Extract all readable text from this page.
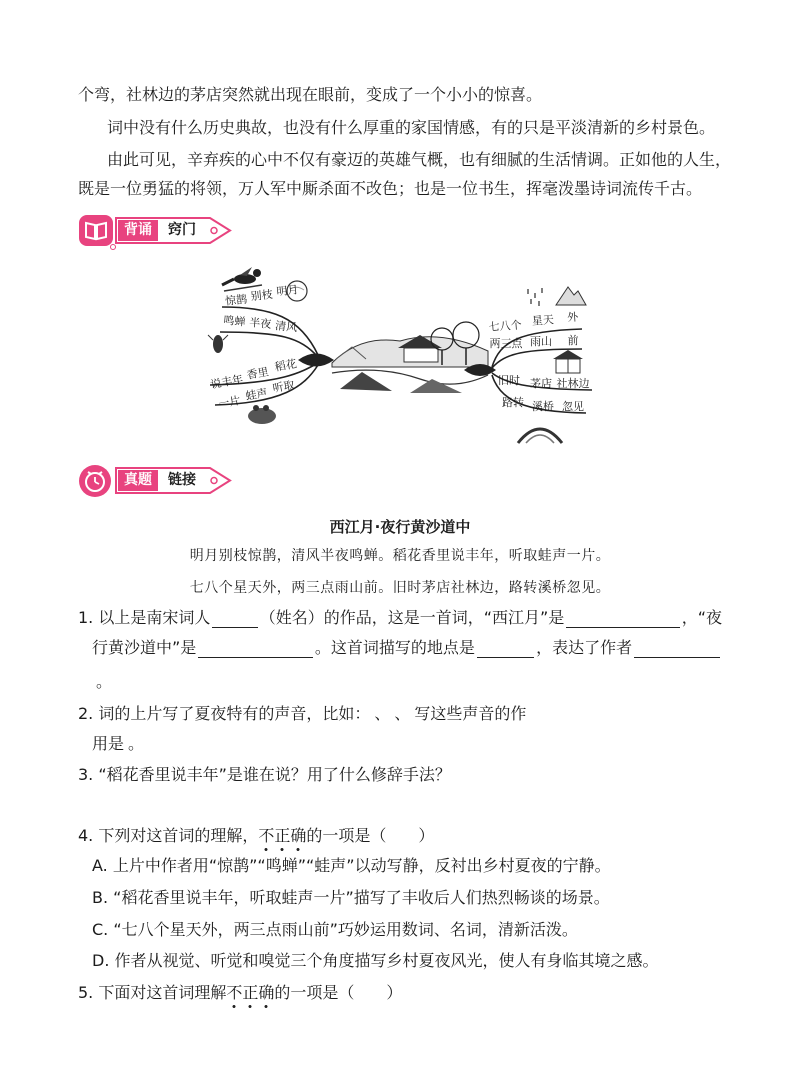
个弯，社林边的茅店突然就出现在眼前，变成了一个小小的惊喜。
词中没有什么历史典故，也没有什么厚重的家国情感，有的只是平淡清新的乡村景色。
由此可见，辛弃疾的心中不仅有豪迈的英雄气概，也有细腻的生活情调。正如他的人生，
既是一位勇猛的将领，万人军中厮杀面不改色；也是一位书生，挥毫泼墨诗词流传千古。
背诵	窍门
惊鹊 别枝 明月
鸣蝉 半夜 清风
说丰年 香里 稻花
一片 蛙声 听取
七八个 星天 外
两三点 雨山 前
旧时 茅店 社林边
路转 溪桥 忽见
真题	链接
西江月·夜行黄沙道中
明月别枝惊鹊，清风半夜鸣蝉。稻花香里说丰年，听取蛙声一片。
七八个星天外，两三点雨山前。旧时茅店社林边，路转溪桥忽见。
1. 以上是南宋词人	（姓名）的作品，这是一首词，“西江月”是	，“夜
行黄沙道中”是	。这首词描写的地点是	，表达了作者
。
2. 词的上片写了夏夜特有的声音，比如： 、 、 写这些声音的作
用是 。
3. “稻花香里说丰年”是谁在说？用了什么修辞手法？
4. 下列对这首词的理解，不正确的一项是（　　）
A. 上片中作者用“惊鹊”“鸣蝉”“蛙声”以动写静，反衬出乡村夏夜的宁静。
B. “稻花香里说丰年，听取蛙声一片”描写了丰收后人们热烈畅谈的场景。
C. “七八个星天外，两三点雨山前”巧妙运用数词、名词，清新活泼。
D. 作者从视觉、听觉和嗅觉三个角度描写乡村夏夜风光，使人有身临其境之感。
5. 下面对这首词理解不正确的一项是（　　）
